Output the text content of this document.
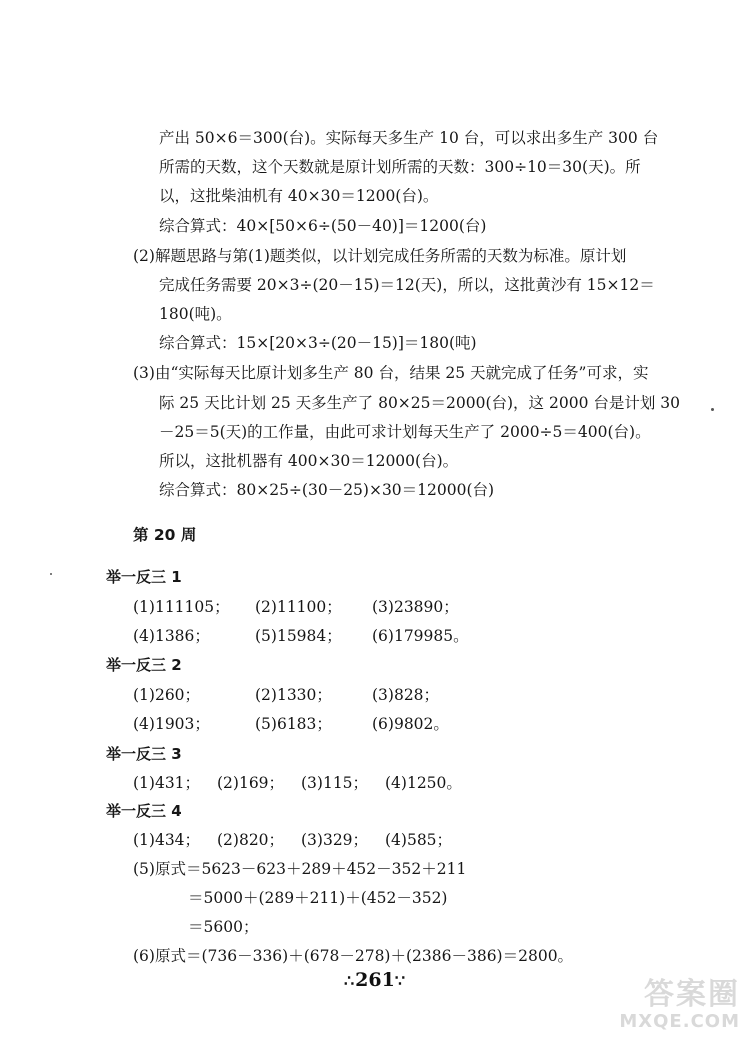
产出 50×6＝300(台)。实际每天多生产 10 台，可以求出多生产 300 台
所需的天数，这个天数就是原计划所需的天数：300÷10＝30(天)。所
以，这批柴油机有 40×30＝1200(台)。
综合算式：40×[50×6÷(50－40)]＝1200(台)
(2)解题思路与第(1)题类似，以计划完成任务所需的天数为标准。原计划
完成任务需要 20×3÷(20－15)＝12(天)，所以，这批黄沙有 15×12＝
180(吨)。
综合算式：15×[20×3÷(20－15)]＝180(吨)
(3)由“实际每天比原计划多生产 80 台，结果 25 天就完成了任务”可求，实
际 25 天比计划 25 天多生产了 80×25＝2000(台)，这 2000 台是计划 30
－25＝5(天)的工作量，由此可求计划每天生产了 2000÷5＝400(台)。
所以，这批机器有 400×30＝12000(台)。
综合算式：80×25÷(30－25)×30＝12000(台)
第 20 周
举一反三 1
(1)111105； (2)11100； (3)23890；
(4)1386；	(5)15984； (6)179985。
举一反三 2
(1)260；	(2)1330；	(3)828；
(4)1903；	(5)6183；	(6)9802。
举一反三 3
(1)431； (2)169； (3)115； (4)1250。
举一反三 4
(1)434； (2)820； (3)329； (4)585；
(5)原式＝5623－623＋289＋452－352＋211
＝5000＋(289＋211)＋(452－352)
＝5600；
(6)原式＝(736－336)＋(678－278)＋(2386－386)＝2800。
∴261∵	答案圈
MXQE.COM
